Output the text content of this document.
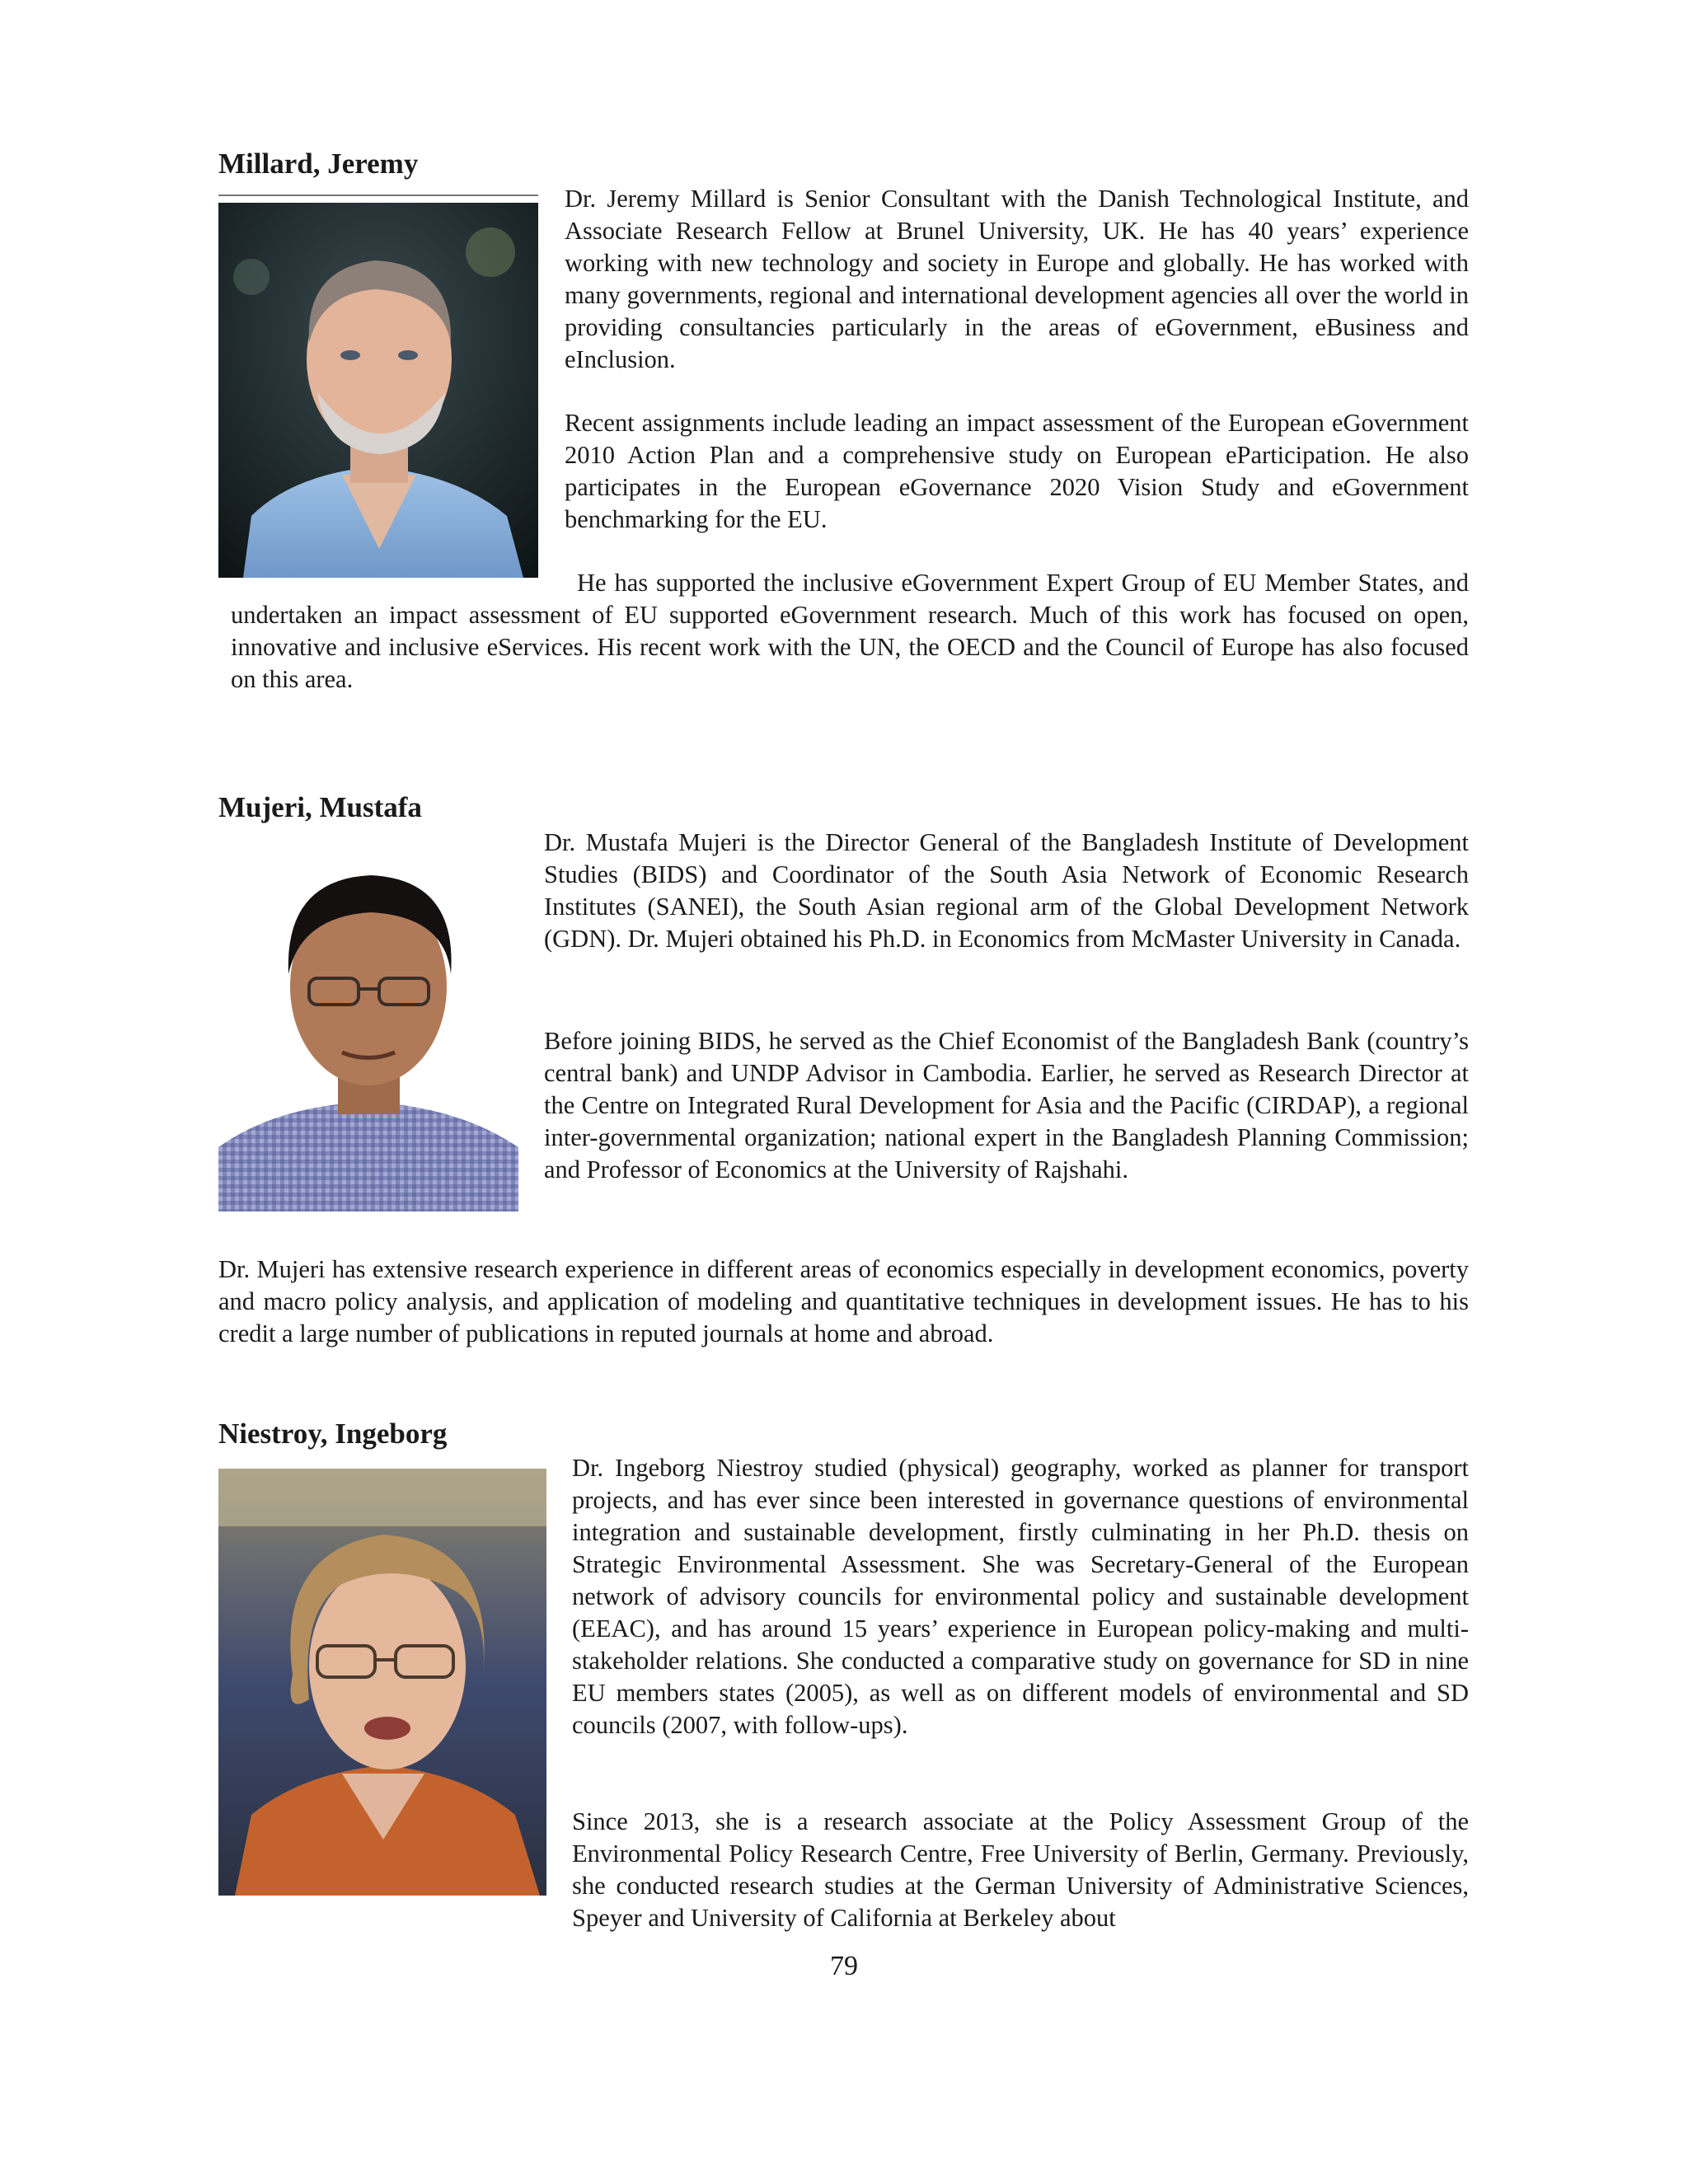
Millard, Jeremy

Dr. Jeremy Millard is Senior Consultant with the Danish Technological Institute, and Associate Research Fellow at Brunel University, UK. He has 40 years’ experience working with new technology and society in Europe and globally. He has worked with many governments, regional and international development agencies all over the world in providing consultancies particularly in the areas of eGovernment, eBusiness and eInclusion.

Recent assignments include leading an impact assessment of the European eGovernment 2010 Action Plan and a comprehensive study on European eParticipation. He also participates in the European eGovernance 2020 Vision Study and eGovernment benchmarking for the EU.

He has supported the inclusive eGovernment Expert Group of EU Member States, and undertaken an impact assessment of EU supported eGovernment research. Much of this work has focused on open, innovative and inclusive eServices. His recent work with the UN, the OECD and the Council of Europe has also focused on this area.

Mujeri, Mustafa

Dr. Mustafa Mujeri is the Director General of the Bangladesh Institute of Development Studies (BIDS) and Coordinator of the South Asia Network of Economic Research Institutes (SANEI), the South Asian regional arm of the Global Development Network (GDN). Dr. Mujeri obtained his Ph.D. in Economics from McMaster University in Canada.

Before joining BIDS, he served as the Chief Economist of the Bangladesh Bank (country’s central bank) and UNDP Advisor in Cambodia. Earlier, he served as Research Director at the Centre on Integrated Rural Development for Asia and the Pacific (CIRDAP), a regional inter-governmental organization; national expert in the Bangladesh Planning Commission; and Professor of Economics at the University of Rajshahi.

Dr. Mujeri has extensive research experience in different areas of economics especially in development economics, poverty and macro policy analysis, and application of modeling and quantitative techniques in development issues. He has to his credit a large number of publications in reputed journals at home and abroad.

Niestroy, Ingeborg

Dr. Ingeborg Niestroy studied (physical) geography, worked as planner for transport projects, and has ever since been interested in governance questions of environmental integration and sustainable development, firstly culminating in her Ph.D. thesis on Strategic Environmental Assessment. She was Secretary-General of the European network of advisory councils for environmental policy and sustainable development (EEAC), and has around 15 years’ experience in European policy-making and multi-stakeholder relations. She conducted a comparative study on governance for SD in nine EU members states (2005), as well as on different models of environmental and SD councils (2007, with follow-ups).

Since 2013, she is a research associate at the Policy Assessment Group of the Environmental Policy Research Centre, Free University of Berlin, Germany. Previously, she conducted research studies at the German University of Administrative Sciences, Speyer and University of California at Berkeley about

79
